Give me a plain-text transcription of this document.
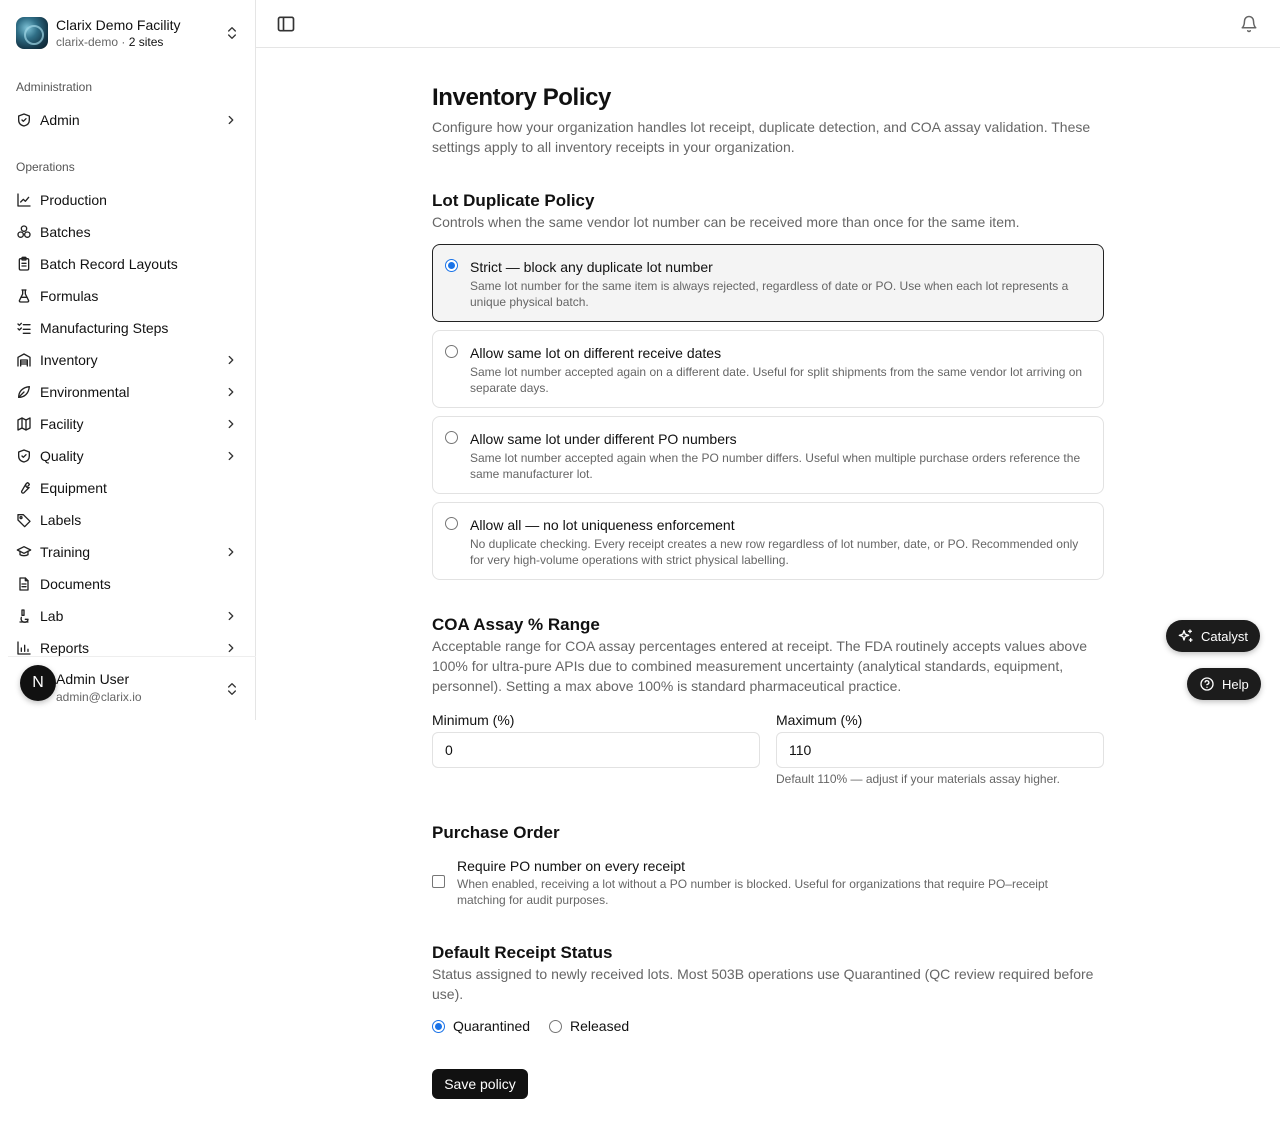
Clarix Demo Facility
clarix-demo · 2 sites
Administration
Admin
Operations
Production
Batches
Batch Record Layouts
Formulas
Manufacturing Steps
Inventory
Environmental
Facility
Quality
Equipment
Labels
Training
Documents
Lab
Reports
N Admin User
admin@clarix.io
Inventory Policy

Configure how your organization handles lot receipt, duplicate detection, and COA assay validation. These settings apply to all inventory receipts in your organization.

Lot Duplicate Policy

Controls when the same vendor lot number can be received more than once for the same item.

Strict — block any duplicate lot number
Same lot number for the same item is always rejected, regardless of date or PO. Use when each lot represents a unique physical batch.
Allow same lot on different receive dates
Same lot number accepted again on a different date. Useful for split shipments from the same vendor lot arriving on separate days.
Allow same lot under different PO numbers
Same lot number accepted again when the PO number differs. Useful when multiple purchase orders reference the same manufacturer lot.
Allow all — no lot uniqueness enforcement
No duplicate checking. Every receipt creates a new row regardless of lot number, date, or PO. Recommended only for very high-volume operations with strict physical labelling.
COA Assay % Range

Acceptable range for COA assay percentages entered at receipt. The FDA routinely accepts values above 100% for ultra-pure APIs due to combined measurement uncertainty (analytical standards, equipment, personnel). Setting a max above 100% is standard pharmaceutical practice.

Minimum (%)
0	Maximum (%)
110
Default 110% — adjust if your materials assay higher.
Purchase Order
Require PO number on every receipt
When enabled, receiving a lot without a PO number is blocked. Useful for organizations that require PO–receipt matching for audit purposes.
Default Receipt Status

Status assigned to newly received lots. Most 503B operations use Quarantined (QC review required before use).

Quarantined	Released
Save policy
Catalyst
Help
